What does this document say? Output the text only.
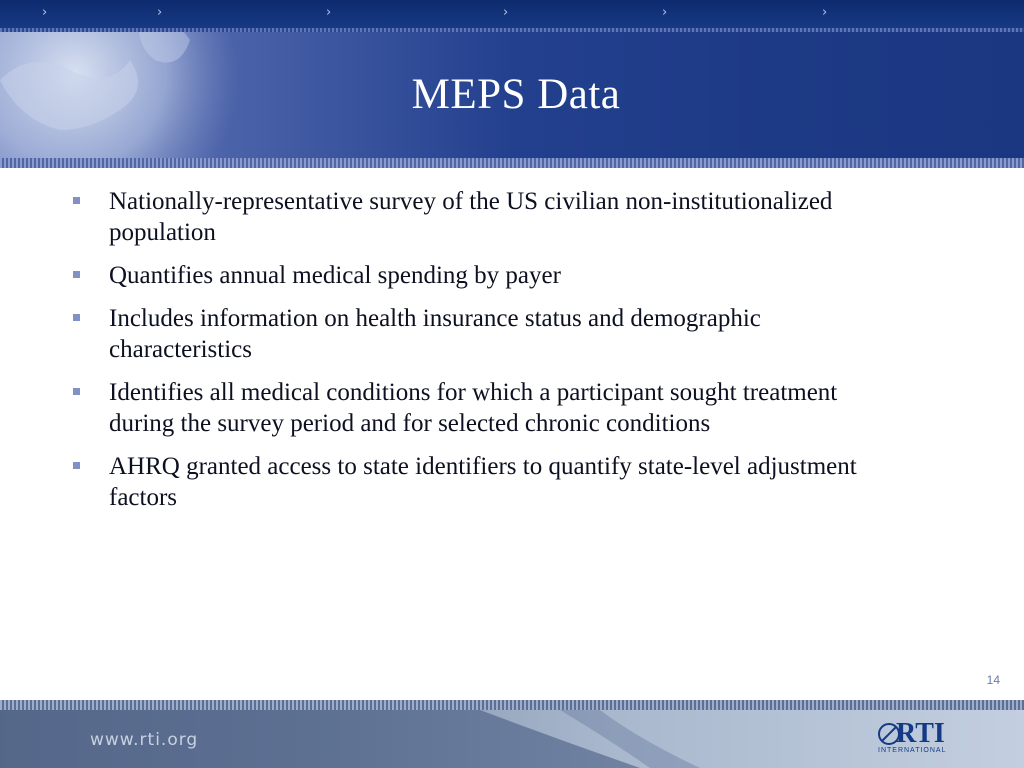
›	›	›	›	›	›
MEPS Data
Nationally-representative survey of the US civilian non-institutionalized population
Quantifies annual medical spending by payer
Includes information on health insurance status and demographic characteristics
Identifies all medical conditions for which a participant sought treatment during the survey period and for selected chronic conditions
AHRQ granted access to state identifiers to quantify state-level adjustment factors
14
www.rti.org	RTI
INTERNATIONAL
